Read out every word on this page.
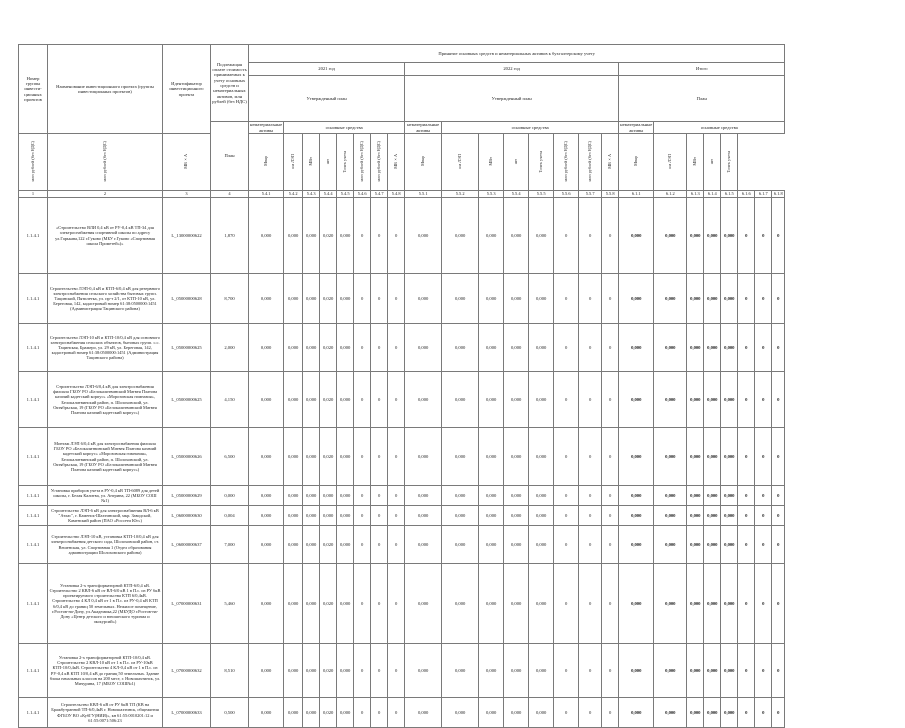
Номер группы инвести- ционных проектов	Наименование инвестиционного проекта (группы инвестиционных проектов)	Идентификатор инвестиционного проекта	Подлежащая оплате стоимость принимаемых к учету основных средств и нематериальных активов, млн рублей (без НДС)	Принятие основных средств и нематериальных активов к бухгалтерскому учету																							
				2021 год								2022 год								Итого							
				Утвержденный план								Утвержденный план								План							
			План	нематериальные активы	основные средства							нематериальные активы	основные средства							нематериальные активы	основные средства						
млн рублей (без НДС)	млн рублей (без НДС)	МВ×А		Мвар	км ЛЭП	МВт	шт	Точек учета	млн рублей (без НДС)	млн рублей (без НДС)	МВ×А	Мвар	км ЛЭП	МВт	шт	Точек учета	млн рублей (без НДС)	млн рублей (без НДС)	МВ×А	Мвар	км ЛЭП	МВт	шт	Точек учета			
1	2	3	4	5.4.1	5.4.2	5.4.3	5.4.4	5.4.5	5.4.6	5.4.7	5.4.8	5.5.1	5.5.2	5.5.3	5.5.4	5.5.5	5.5.6	5.5.7	5.5.8	6.1.1	6.1.2	6.1.3	6.1.4	6.1.5	6.1.6	6.1.7	6.1.8
1.1.4.1	«Строительство ВЛИ 0,4 кВ от РУ-0,4 кВ ТП-34 для электроснабжения спортивной школы по адресу ул.Гарькава,122 г.Гуково (МБУ г.Гуково «Спортивная школа Прометей»)»	L_13000000622	1,870	0,000	0,000	0,000	0,020	0,000	0	0	0	0,000	0,000	0,000	0,000	0,000	0	0	0	0,000	0,000	0,000	0,000	0,000	0	0	0
1.1.4.1	Строительство ЛЭП-0,4 кВ и КТП-6/0,4 кВ для резервного электроснабжения сельского хозяйства бытовых групп. Тацинский, Пятилетка, ул. пр-т 2/1, от КТП-10 кВ, ул. Береговая, 142, кадастровый номер 61:38:0500000:1451 (Администрация Тацинского района)	L_05000000628	8,700	0,000	0,000	0,000	0,020	0,000	0	0	0	0,000	0,000	0,000	0,000	0,000	0	0	0	0,000	0,000	0,000	0,000	0,000	0	0	0
1.1.4.1	Строительство ЛЭП-10 кВ и КТП-10/0,4 кВ для основного электроснабжения сельских объектов, бытовых групп. с.с. Тацинская, Бражеро, ул. 29 кВ, ул. Береговая, 142, кадастровый номер 61:38:0500000:1451 (Администрация Тацинского района)	L_05000000625	2,000	0,000	0,000	0,000	0,020	0,000	0	0	0	0,000	0,000	0,000	0,000	0,000	0	0	0	0,000	0,000	0,000	0,000	0,000	0	0	0
1.1.4.1	Строительство ЛЭП-6/0,4 кВ для электроснабжения филиала ГБОУ РО «Белокалитвинский Матвея Платова казачий кадетский корпус» «Морозовская гимназия», Белокалитвинский район, п. Шолоховский, ул. Октябрьская, 19 (ГБОУ РО «Белокалитвинский Матвея Платова казачий кадетский корпус»)	L_05000000625	4,150	0,000	0,000	0,000	0,020	0,000	0	0	0	0,000	0,000	0,000	0,000	0,000	0	0	0	0,000	0,000	0,000	0,000	0,000	0	0	0
1.1.4.1	Монтаж ЛЭП 6/0,4 кВ для электроснабжения филиала ГБОУ РО «Белокалитвинский Матвея Платова казачий кадетский корпус» «Морозовская гимназия», Белокалитвинский район, п. Шолоховский, ул. Октябрьская, 19 (ГБОУ РО «Белокалитвинский Матвея Платова казачий кадетский корпус»)	L_05000000626	6,500	0,000	0,000	0,000	0,020	0,000	0	0	0	0,000	0,000	0,000	0,000	0,000	0	0	0	0,000	0,000	0,000	0,000	0,000	0	0	0
1.1.4.1	Установка приборов учета в РУ-0,4 кВ ТП-6089 для детей школы, г. Белая Калитва, ул. Ангрина, 22 (МБОУ СОШ №1)	L_05000000629	0,000	0,000	0,000	0,000	0,000	0,000	0	0	0	0,000	0,000	0,000	0,000	0,000	0	0	0	0,000	0,000	0,000	0,000	0,000	0	0	0
1.1.4.1	Строительство ЛЭП-6 кВ для электроснабжения ВЛ-6 кВ "Атлас", г. Каменск-Шахтинский, мкр. Заводской, Каменский район (ПАО «Россети Юг»)	L_06000000630	0,004	0,000	0,000	0,000	0,000	0,000	0	0	0	0,000	0,000	0,000	0,000	0,000	0	0	0	0,000	0,000	0,000	0,000	0,000	0	0	0
1.1.4.1	Строительство ЛЭП-10 кВ, установка КТП-10/0,4 кВ для электроснабжения детского сада, Шолоховский район, ст. Вешенская, ул. Спортивная 1 (Отдел образования администрации Шолоховского района)	L_06000000637	7,000	0,000	0,000	0,000	0,020	0,000	0	0	0	0,000	0,000	0,000	0,000	0,000	0	0	0	0,000	0,000	0,000	0,000	0,000	0	0	0
1.1.4.1	Установка 2-х трансформаторной КТП-6/0,4 кВ. Строительство 2 КВЛ-6 кВ от ВЛ-6/0 кВ 1 в П.с. из РУ 6кВ проектируемого строительства КТП 6/0,4кВ. Строительство 4 КЛ 0,4 кВ от 1 в П.с. из РУ-0,4 кВ КТП 6/0,4 кВ до границ 50 земельных. Нежилое помещение, г.Ростов-на-Дону, ул.Академика,22 (МБУДО г.Ростов-на-Дону «Центр детского и юношеского туризма и экскурсий»)	L_07000000631	5,460	0,000	0,000	0,000	0,020	0,000	0	0	0	0,000	0,000	0,000	0,000	0,000	0	0	0	0,000	0,000	0,000	0,000	0,000	0	0	0
1.1.4.1	Установка 2-х трансформаторной КТП-10/0,4 кВ. Строительство 2 КВЛ-10 кВ от 1 в П.с. из РУ-10кВ КТП-10/0,4кВ. Строительство 4 КЛ-0,4 кВ от 1 в П.с. из РУ-0,4 кВ КТП 10/0,4 кВ до границ 50 земельных. Здание блока начальных классов на 200 мест, г. Новошахтинск, ул. Мичурина, 17 (МБОУ СОШ№1)	L_07000000632	8,510	0,000	0,000	0,000	0,020	0,000	0	0	0	0,000	0,000	0,000	0,000	0,000	0	0	0	0,000	0,000	0,000	0,000	0,000	0	0	0
1.1.4.1	Строительство КВЛ-6 кВ от РУ 6кВ ТП (КВ на Бражбутранной ТП-6/0,4кВ г. Новошахтинск, общежития ФГБОУ ВО «КубГУ(НИИ)», кн 61:55:0010201:12 и 61:55:0071:506:23	L_07000000633	0,500	0,000	0,000	0,000	0,020	0,000	0	0	0	0,000	0,000	0,000	0,000	0,000	0	0	0	0,000	0,000	0,000	0,000	0,000	0	0	0
